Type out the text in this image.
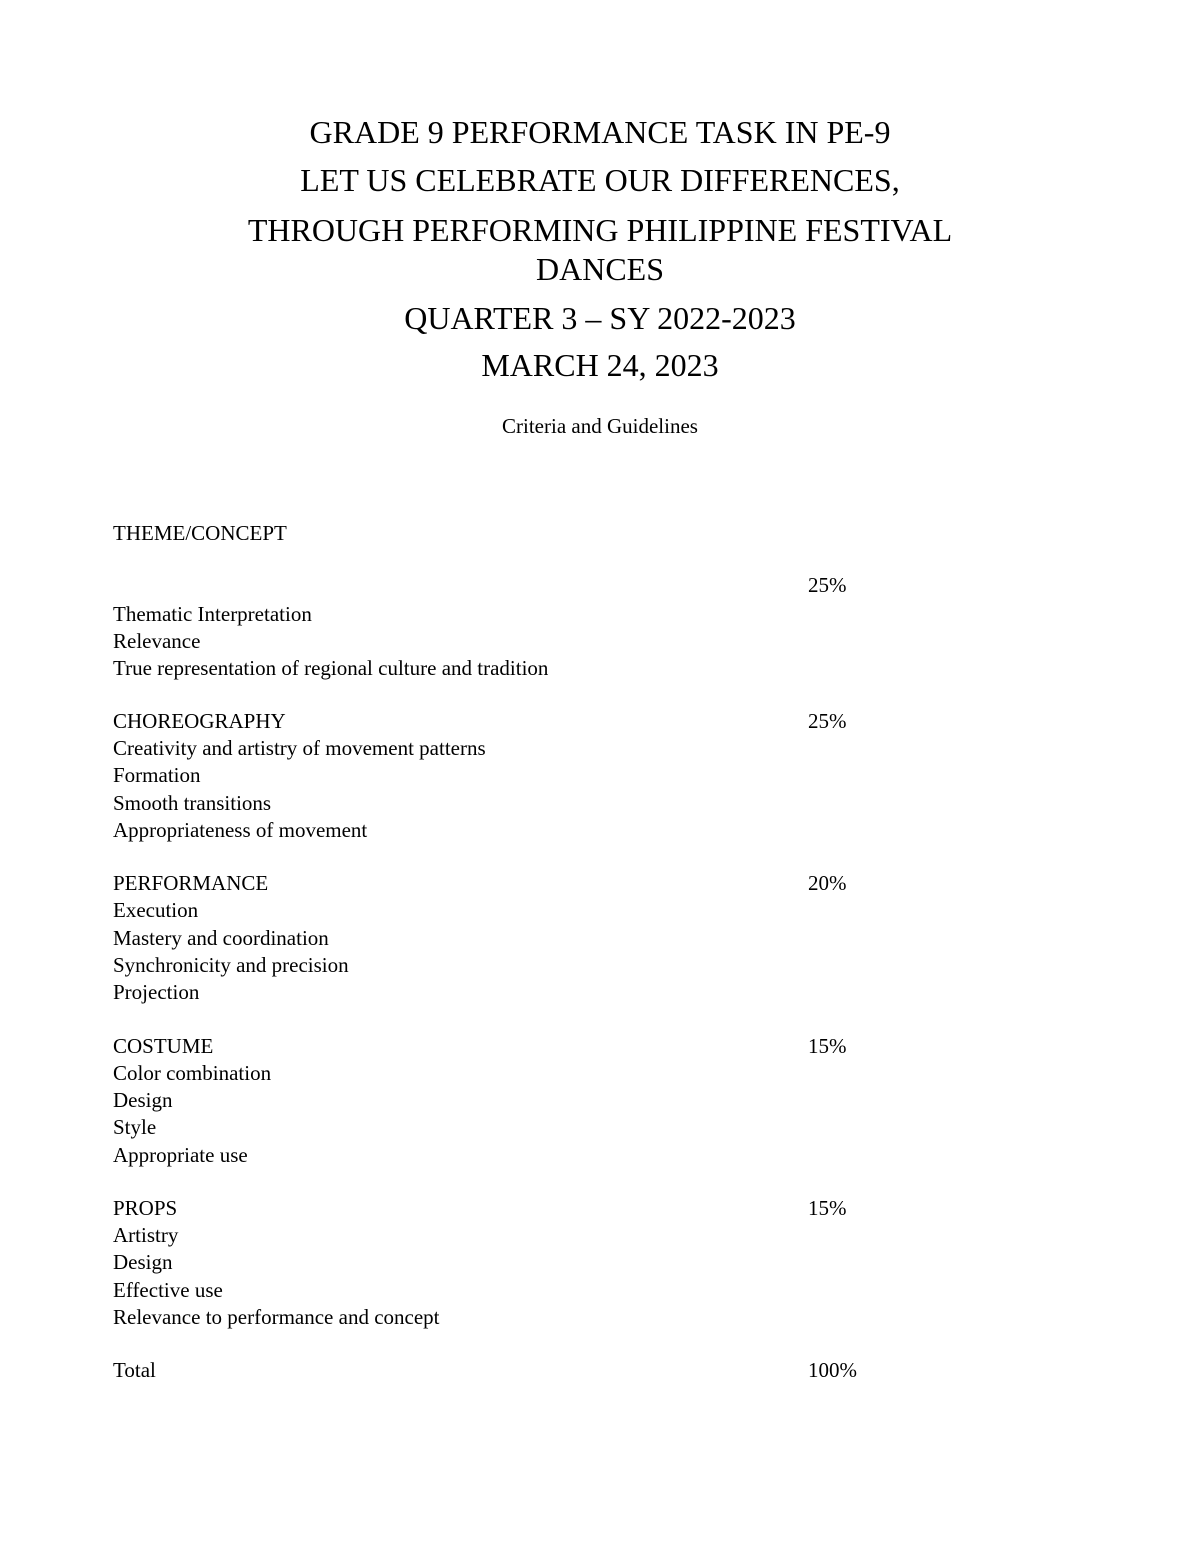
GRADE 9 PERFORMANCE TASK IN PE-9
LET US CELEBRATE OUR DIFFERENCES,
THROUGH PERFORMING PHILIPPINE FESTIVAL
DANCES
QUARTER 3 – SY 2022-2023
MARCH 24, 2023
Criteria and Guidelines
THEME/CONCEPT
25%
Thematic Interpretation
Relevance
True representation of regional culture and tradition
CHOREOGRAPHY	25%
Creativity and artistry of movement patterns
Formation
Smooth transitions
Appropriateness of movement
PERFORMANCE	20%
Execution
Mastery and coordination
Synchronicity and precision
Projection
COSTUME	15%
Color combination
Design
Style
Appropriate use
PROPS	15%
Artistry
Design
Effective use
Relevance to performance and concept
Total	100%
